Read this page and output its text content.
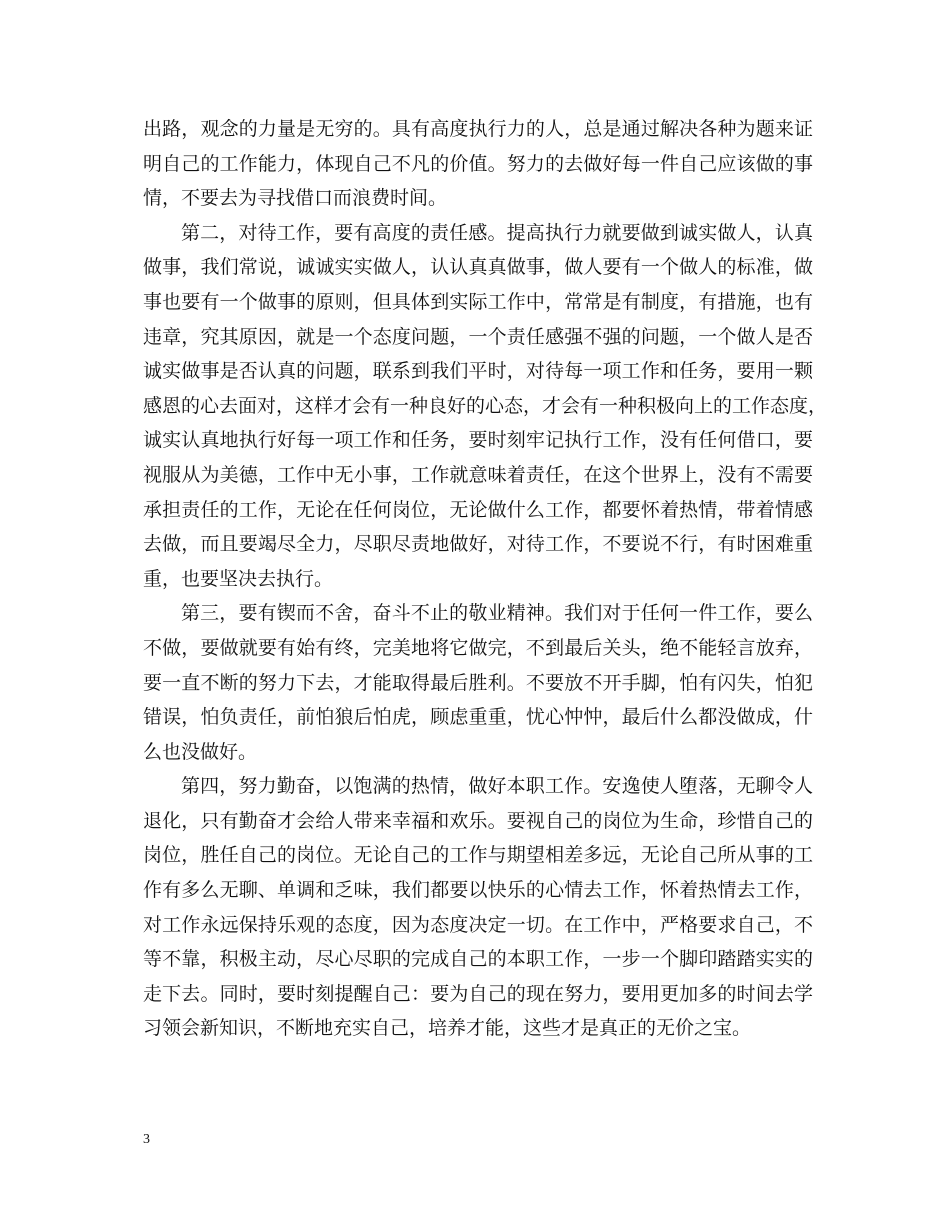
出路，观念的力量是无穷的。具有高度执行力的人，总是通过解决各种为题来证
明自己的工作能力，体现自己不凡的价值。努力的去做好每一件自己应该做的事
情，不要去为寻找借口而浪费时间。
第二，对待工作，要有高度的责任感。提高执行力就要做到诚实做人，认真
做事，我们常说，诚诚实实做人，认认真真做事，做人要有一个做人的标准，做
事也要有一个做事的原则，但具体到实际工作中，常常是有制度，有措施，也有
违章，究其原因，就是一个态度问题，一个责任感强不强的问题，一个做人是否
诚实做事是否认真的问题，联系到我们平时，对待每一项工作和任务，要用一颗
感恩的心去面对，这样才会有一种良好的心态，才会有一种积极向上的工作态度，
诚实认真地执行好每一项工作和任务，要时刻牢记执行工作，没有任何借口，要
视服从为美德，工作中无小事，工作就意味着责任，在这个世界上，没有不需要
承担责任的工作，无论在任何岗位，无论做什么工作，都要怀着热情，带着情感
去做，而且要竭尽全力，尽职尽责地做好，对待工作，不要说不行，有时困难重
重，也要坚决去执行。
第三，要有锲而不舍，奋斗不止的敬业精神。我们对于任何一件工作，要么
不做，要做就要有始有终，完美地将它做完，不到最后关头，绝不能轻言放弃，
要一直不断的努力下去，才能取得最后胜利。不要放不开手脚，怕有闪失，怕犯
错误，怕负责任，前怕狼后怕虎，顾虑重重，忧心忡忡，最后什么都没做成，什
么也没做好。
第四，努力勤奋，以饱满的热情，做好本职工作。安逸使人堕落，无聊令人
退化，只有勤奋才会给人带来幸福和欢乐。要视自己的岗位为生命，珍惜自己的
岗位，胜任自己的岗位。无论自己的工作与期望相差多远，无论自己所从事的工
作有多么无聊、单调和乏味，我们都要以快乐的心情去工作，怀着热情去工作，
对工作永远保持乐观的态度，因为态度决定一切。在工作中，严格要求自己，不
等不靠，积极主动，尽心尽职的完成自己的本职工作，一步一个脚印踏踏实实的
走下去。同时，要时刻提醒自己：要为自己的现在努力，要用更加多的时间去学
习领会新知识，不断地充实自己，培养才能，这些才是真正的无价之宝。
3
